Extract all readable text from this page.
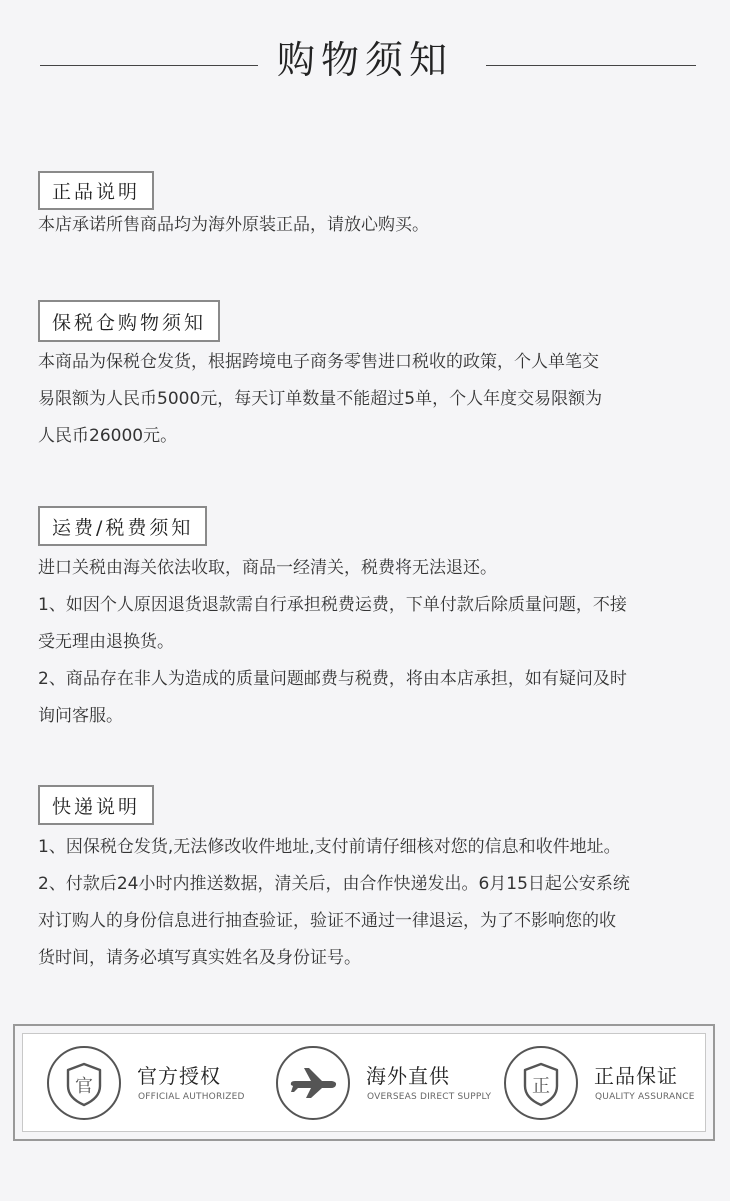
购物须知
正品说明

本店承诺所售商品均为海外原装正品，请放心购买。

保税仓购物须知

本商品为保税仓发货，根据跨境电子商务零售进口税收的政策，个人单笔交

易限额为人民币5000元，每天订单数量不能超过5单，个人年度交易限额为

人民币26000元。

运费/税费须知

进口关税由海关依法收取，商品一经清关，税费将无法退还。

1、如因个人原因退货退款需自行承担税费运费，下单付款后除质量问题，不接

受无理由退换货。

2、商品存在非人为造成的质量问题邮费与税费，将由本店承担，如有疑问及时

询问客服。

快递说明

1、因保税仓发货,无法修改收件地址,支付前请仔细核对您的信息和收件地址。

2、付款后24小时内推送数据，清关后，由合作快递发出。6月15日起公安系统

对订购人的身份信息进行抽查验证，验证不通过一律退运，为了不影响您的收

货时间，请务必填写真实姓名及身份证号。

官 官方授权
OFFICIAL AUTHORIZED
海外直供
OVERSEAS DIRECT SUPPLY 正 正品保证
QUALITY ASSURANCE
